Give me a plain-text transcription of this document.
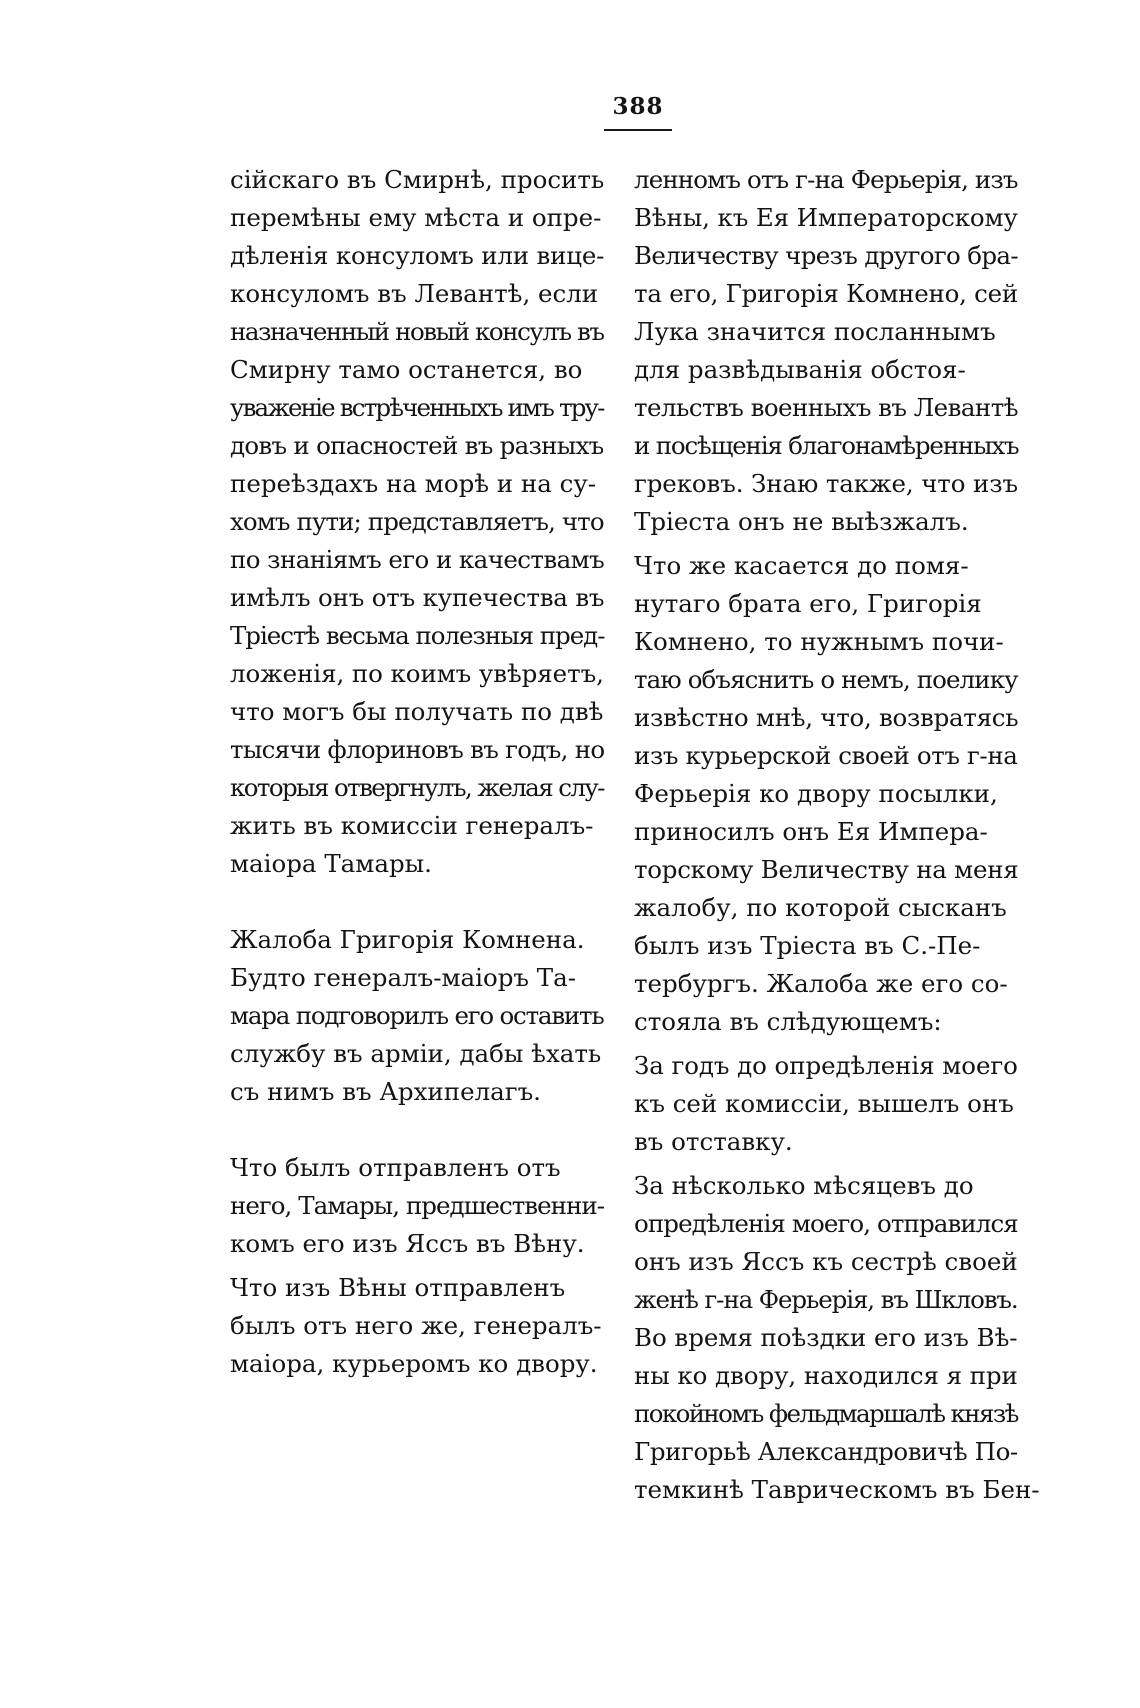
388
сійскаго въ Смирнѣ, просить
перемѣны ему мѣста и опре-
дѣленія консуломъ или вице-
консуломъ въ Левантѣ, если
назначенный новый консулъ въ
Смирну тамо останется, во
уваженіе встрѣченныхъ имъ тру-
довъ и опасностей въ разныхъ
переѣздахъ на морѣ и на су-
хомъ пути; представляетъ, что
по знаніямъ его и качествамъ
имѣлъ онъ отъ купечества въ
Тріестѣ весьма полезныя пред-
ложенія, по коимъ увѣряетъ,
что могъ бы получать по двѣ
тысячи флориновъ въ годъ, но
которыя отвергнулъ, желая слу-
жить въ комиссіи генералъ-
маіора Тамары.
Жалоба Григорія Комнена.
Будто генералъ-маіоръ Та-
мара подговорилъ его оставить
службу въ арміи, дабы ѣхать
съ нимъ въ Архипелагъ.
Что былъ отправленъ отъ
него, Тамары, предшественни-
комъ его изъ Яссъ въ Вѣну.
Что изъ Вѣны отправленъ
былъ отъ него же, генералъ-
маіора, курьеромъ ко двору.
ленномъ отъ г-на Ферьерія, изъ
Вѣны, къ Ея Императорскому
Величеству чрезъ другого бра-
та его, Григорія Комнено, сей
Лука значится посланнымъ
для развѣдыванія обстоя-
тельствъ военныхъ въ Левантѣ
и посѣщенія благонамѣренныхъ
грековъ. Знаю также, что изъ
Тріеста онъ не выѣзжалъ.
Что же касается до помя-
нутаго брата его, Григорія
Комнено, то нужнымъ почи-
таю объяснить о немъ, поелику
извѣстно мнѣ, что, возвратясь
изъ курьерской своей отъ г-на
Ферьерія ко двору посылки,
приносилъ онъ Ея Импера-
торскому Величеству на меня
жалобу, по которой сысканъ
былъ изъ Тріеста въ С.-Пе-
тербургъ. Жалоба же его со-
стояла въ слѣдующемъ:
За годъ до опредѣленія моего
къ сей комиссіи, вышелъ онъ
въ отставку.
За нѣсколько мѣсяцевъ до
опредѣленія моего, отправился
онъ изъ Яссъ къ сестрѣ своей
женѣ г-на Ферьерія, въ Шкловъ.
Во время поѣздки его изъ Вѣ-
ны ко двору, находился я при
покойномъ фельдмаршалѣ князѣ
Григорьѣ Александровичѣ По-
темкинѣ Таврическомъ въ Бен-
